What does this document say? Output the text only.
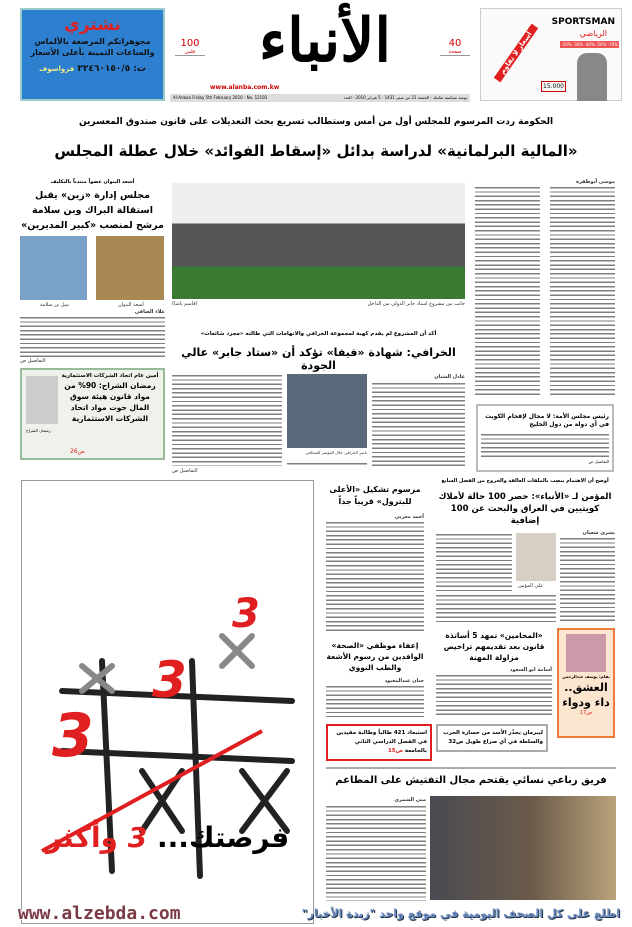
نشتري
مجوهراتكم المرصعة بالألماس
والساعات الثمينة بأعلى الأسعار
ت: ٢٢٤٦٠١٥٠/٥ قرواسوف
100
فلس	الأنباء
www.alanba.com.kw
40
صفحة
Al-Anbaa Friday 5th February 2010 - No. 12193	يومية سياسية شاملة - الجمعة 21 من صفر 1431 - 5 فبراير 2010 - العدد
SPORTSMAN
الرياضي
-20% -30% -40% -50% -70%
15.000
أسعار لا تقاوم
الحكومة ردت المرسوم للمجلس أول من أمس وستطالب تسريع بحث التعديلات على قانون صندوق المعسرين
«المالية البرلمانية» لدراسة بدائل «إسقاط الفوائد» خلال عطلة المجلس
أسعد البنوان عضواً منتدباً بالتكليف
مجلس إدارة «زين» يقبل استقالة البراك وبن سلامة مرشح لمنصب «كبير المديرين»
نبيل بن سلامة	أسعد البنوان
علاء الصافي
التفاصيل ص
أمين عام اتحاد الشركات الاستثمارية
رمضان الشراح: 90% من مواد قانون هيئة سوق المال حوت مواد اتحاد الشركات الاستثمارية
ص26
رمضان الشراح
جانب من مشروع استاد جابر الدولي من الداخل
(قاسم باشا)
أكد أن المشروع لم يقدم كهبة لمجموعة الخرافي والاتهامات التي طالته «مجرد شائعات»
الخرافي: شهادة «فيفا» تؤكد أن «ستاد جابر» عالي الجودة
عادل الشنان
ناصر الخرافي خلال المؤتمر الصحافي
التفاصيل ص
موسى أبوطفرة
رئيس مجلس الأمة: لا مجال لإقحام الكويت في أي دولة من دول الخليج
التفاصيل ص
3
3
3
فرصتك... 3 وأكثر
مرسوم تشكيل «الأعلى للبترول» قريباً جداً
أحمد مغربي
إعفاء موظفي «الصحة» الوافدين من رسوم الأشعة والطب النووي
حنان عبدالمعبود
أوضح أن الاهتمام ينصب بالملفات العالقة والخروج من الفصل السابع
المؤمن لـ «الأنباء»: حصر 100 حالة لأملاك كويتيين في العراق والبحث عن 100 إضافية
بشرى شعبان
علي المؤمن
«المحامين» تمهد 5 أساتذة قانون بعد تقديمهم تراخيص مزاولة المهنة
أسامة ابو السعود
بقلم: يوسف عبدالرحمن
العشق.. داء ودواء
ص17
ليبرمان يحذّر الأسد من خسارة الحرب والسلطة في أي صراع طويل ص32
استبعاد 421 طالباً وطالبة مقيدين في الفصل الدراسي الثاني بالجامعة ص15
فريق رباعي نسائي يقتحم مجال التفتيش على المطاعم
منى الشمري
www.alzebda.com	اطلع على كل الصحف اليومية في موقع واحد "زبدة الأخبار"
